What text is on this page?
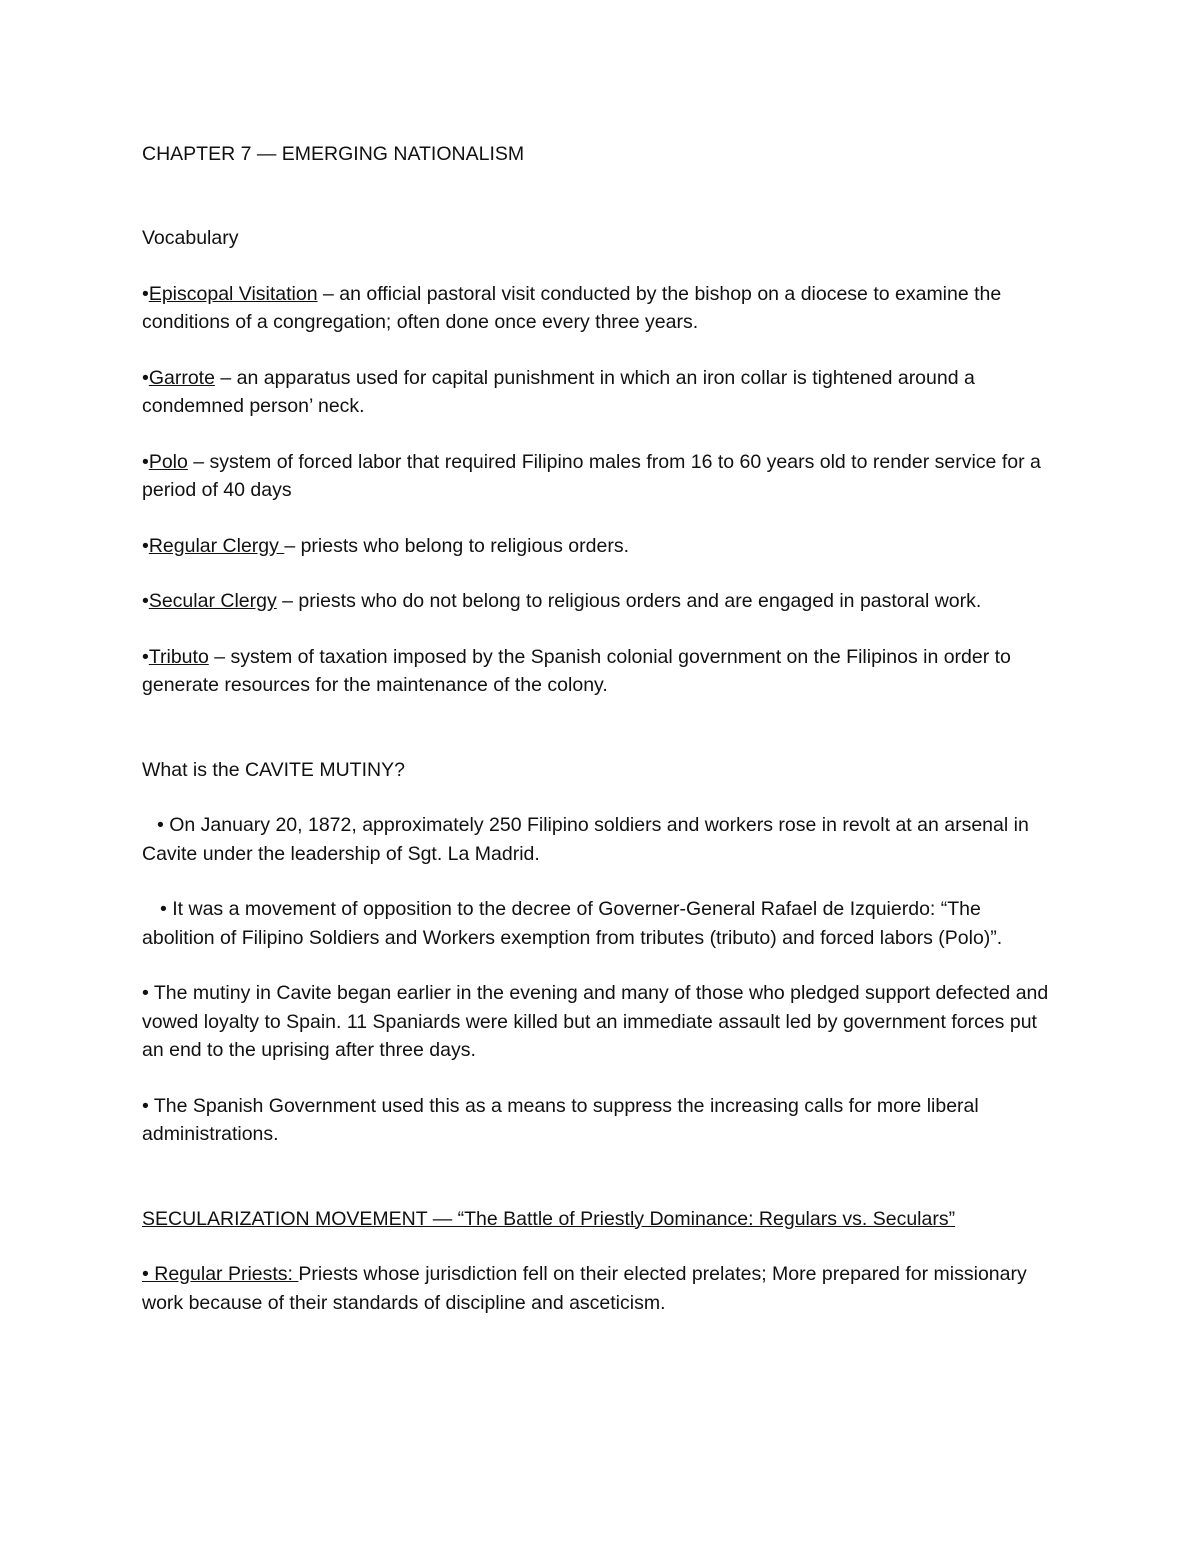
CHAPTER 7 — EMERGING NATIONALISM

Vocabulary

•Episcopal Visitation – an official pastoral visit conducted by the bishop on a diocese to examine the conditions of a congregation; often done once every three years.

•Garrote – an apparatus used for capital punishment in which an iron collar is tightened around a condemned person’ neck.

•Polo – system of forced labor that required Filipino males from 16 to 60 years old to render service for a period of 40 days

•Regular Clergy – priests who belong to religious orders.

•Secular Clergy – priests who do not belong to religious orders and are engaged in pastoral work.

•Tributo – system of taxation imposed by the Spanish colonial government on the Filipinos in order to generate resources for the maintenance of the colony.

What is the CAVITE MUTINY?

• On January 20, 1872, approximately 250 Filipino soldiers and workers rose in revolt at an arsenal in Cavite under the leadership of Sgt. La Madrid.

• It was a movement of opposition to the decree of Governer-General Rafael de Izquierdo: “The abolition of Filipino Soldiers and Workers exemption from tributes (tributo) and forced labors (Polo)”.

• The mutiny in Cavite began earlier in the evening and many of those who pledged support defected and vowed loyalty to Spain. 11 Spaniards were killed but an immediate assault led by government forces put an end to the uprising after three days.

• The Spanish Government used this as a means to suppress the increasing calls for more liberal administrations.

SECULARIZATION MOVEMENT — “The Battle of Priestly Dominance: Regulars vs. Seculars”

• Regular Priests: Priests whose jurisdiction fell on their elected prelates; More prepared for missionary work because of their standards of discipline and asceticism.
